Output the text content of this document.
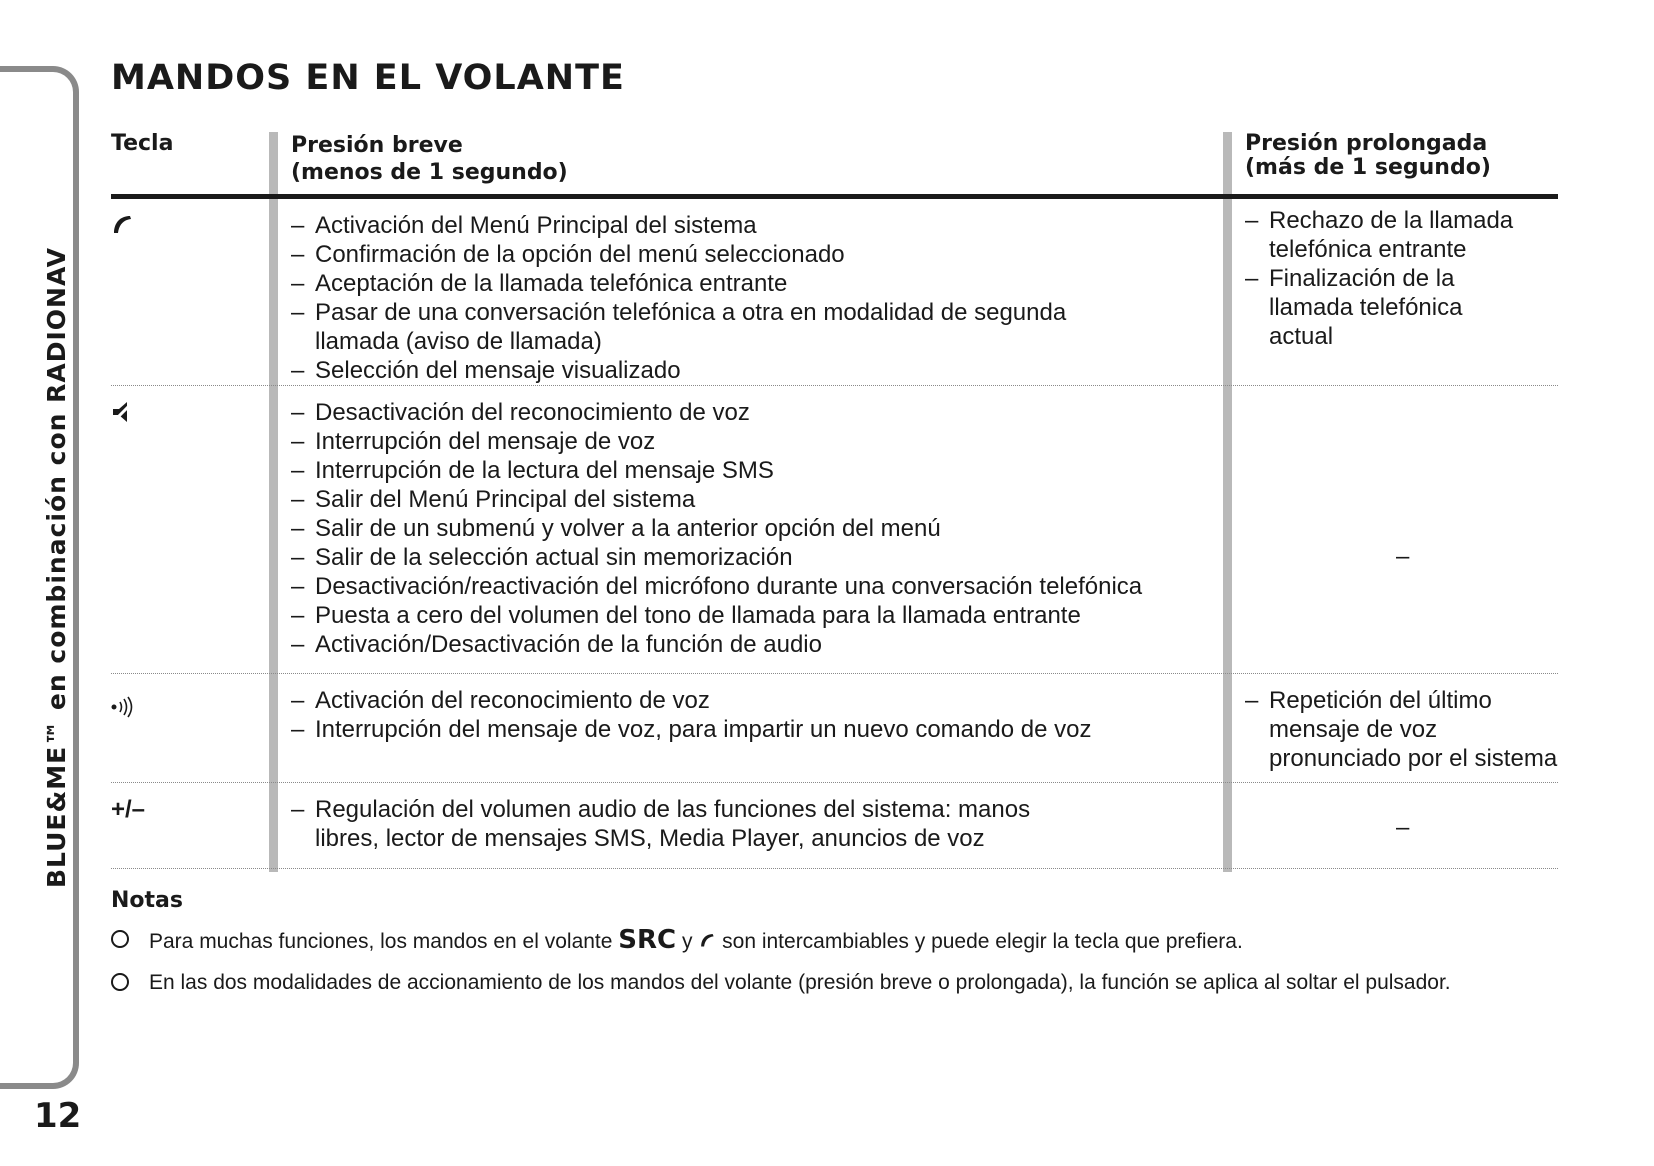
BLUE&ME™ en combinación con RADIONAV
12
MANDOS EN EL VOLANTE
Tecla	Presión breve
(menos de 1 segundo)
Presión prolongada
(más de 1 segundo)
– Activación del Menú Principal del sistema
– Confirmación de la opción del menú seleccionado
– Aceptación de la llamada telefónica entrante
– Pasar de una conversación telefónica a otra en modalidad de segunda llamada (aviso de llamada)
– Selección del mensaje visualizado
– Rechazo de la llamada telefónica entrante
– Finalización de la llamada telefónica actual
– Desactivación del reconocimiento de voz
– Interrupción del mensaje de voz
– Interrupción de la lectura del mensaje SMS
– Salir del Menú Principal del sistema
– Salir de un submenú y volver a la anterior opción del menú
– Salir de la selección actual sin memorización
– Desactivación/reactivación del micrófono durante una conversación telefónica
– Puesta a cero del volumen del tono de llamada para la llamada entrante
– Activación/Desactivación de la función de audio
–
– Activación del reconocimiento de voz
– Interrupción del mensaje de voz, para impartir un nuevo comando de voz
– Repetición del último mensaje de voz pronunciado por el sistema
+/–
–	Regulación del volumen audio de las funciones del sistema: manos libres, lector de mensajes SMS, Media Player, anuncios de voz	–
Notas
Para muchas funciones, los mandos en el volante SRC y son intercambiables y puede elegir la tecla que prefiera.
En las dos modalidades de accionamiento de los mandos del volante (presión breve o prolongada), la función se aplica al soltar el pulsador.
